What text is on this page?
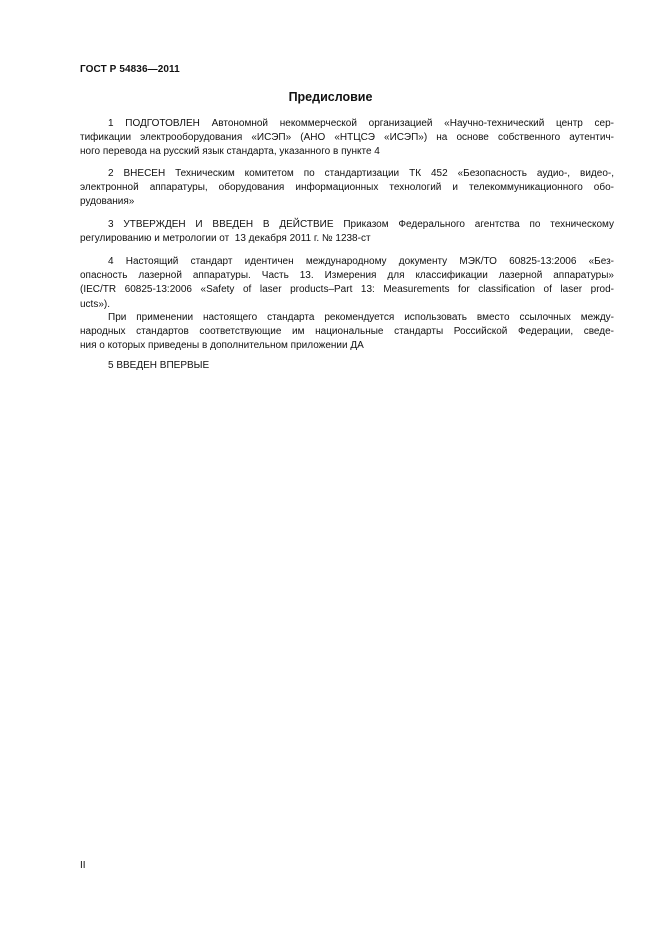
ГОСТ Р 54836—2011
Предисловие
1 ПОДГОТОВЛЕН Автономной некоммерческой организацией «Научно-технический центр сер-
тификации электрооборудования «ИСЭП» (АНО «НТЦСЭ «ИСЭП») на основе собственного аутентич-
ного перевода на русский язык стандарта, указанного в пункте 4
2 ВНЕСЕН Техническим комитетом по стандартизации ТК 452 «Безопасность аудио-, видео-,
электронной аппаратуры, оборудования информационных технологий и телекоммуникационного обо-
рудования»
3 УТВЕРЖДЕН И ВВЕДЕН В ДЕЙСТВИЕ Приказом Федерального агентства по техническому
регулированию и метрологии от  13 декабря 2011 г. № 1238-ст
4 Настоящий стандарт идентичен международному документу МЭК/ТО 60825-13:2006 «Без-
опасность лазерной аппаратуры. Часть 13. Измерения для классификации лазерной аппаратуры»
(IEC/TR 60825-13:2006 «Safety of laser products–Part 13: Measurements for classification of laser prod-
ucts»).
При применении настоящего стандарта рекомендуется использовать вместо ссылочных между-
народных стандартов соответствующие им национальные стандарты Российской Федерации, сведе-
ния о которых приведены в дополнительном приложении ДА
5 ВВЕДЕН ВПЕРВЫЕ
II
